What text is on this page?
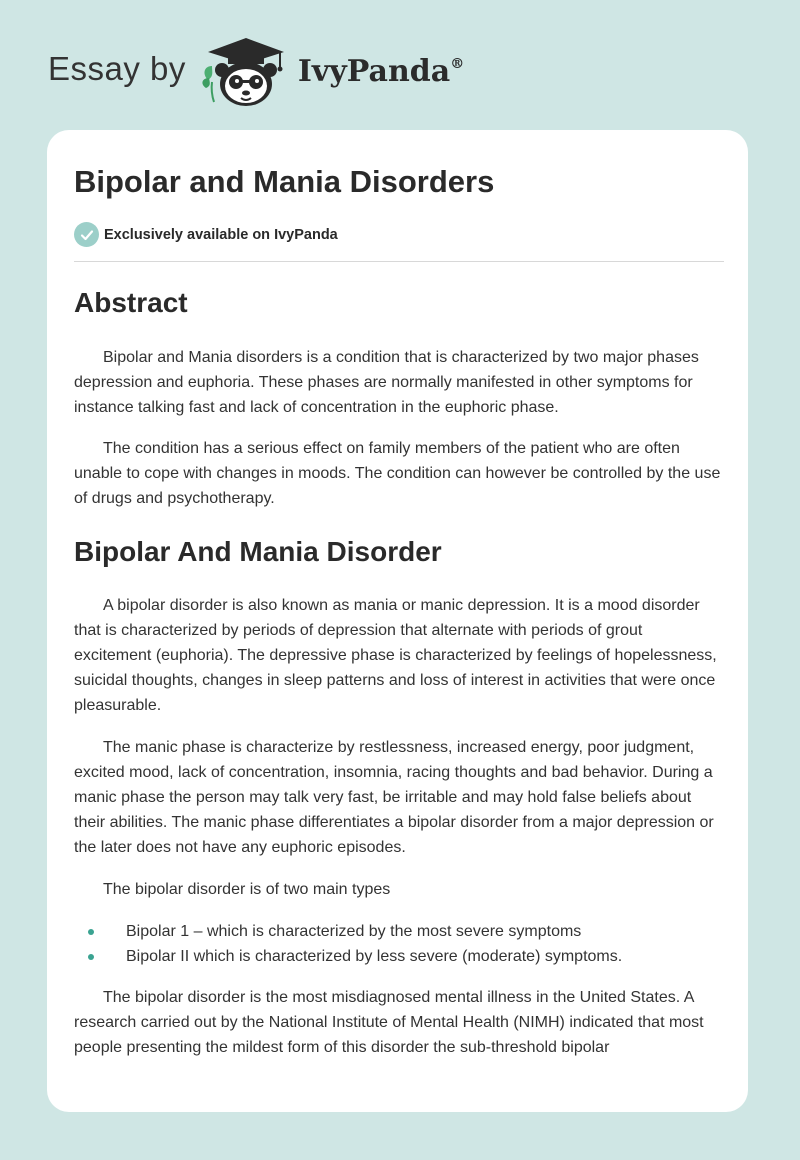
Essay by	IvyPanda®
Bipolar and Mania Disorders
Exclusively available on IvyPanda
Abstract

Bipolar and Mania disorders is a condition that is characterized by two major phases depression and euphoria. These phases are normally manifested in other symptoms for instance talking fast and lack of concentration in the euphoric phase.

The condition has a serious effect on family members of the patient who are often unable to cope with changes in moods. The condition can however be controlled by the use of drugs and psychotherapy.

Bipolar And Mania Disorder

A bipolar disorder is also known as mania or manic depression. It is a mood disorder that is characterized by periods of depression that alternate with periods of grout excitement (euphoria). The depressive phase is characterized by feelings of hopelessness, suicidal thoughts, changes in sleep patterns and loss of interest in activities that were once pleasurable.

The manic phase is characterize by restlessness, increased energy, poor judgment, excited mood, lack of concentration, insomnia, racing thoughts and bad behavior. During a manic phase the person may talk very fast, be irritable and may hold false beliefs about their abilities. The manic phase differentiates a bipolar disorder from a major depression or the later does not have any euphoric episodes.

The bipolar disorder is of two main types

Bipolar 1 – which is characterized by the most severe symptoms
Bipolar II which is characterized by less severe (moderate) symptoms.

The bipolar disorder is the most misdiagnosed mental illness in the United States. A research carried out by the National Institute of Mental Health (NIMH) indicated that most people presenting the mildest form of this disorder the sub-threshold bipolar
